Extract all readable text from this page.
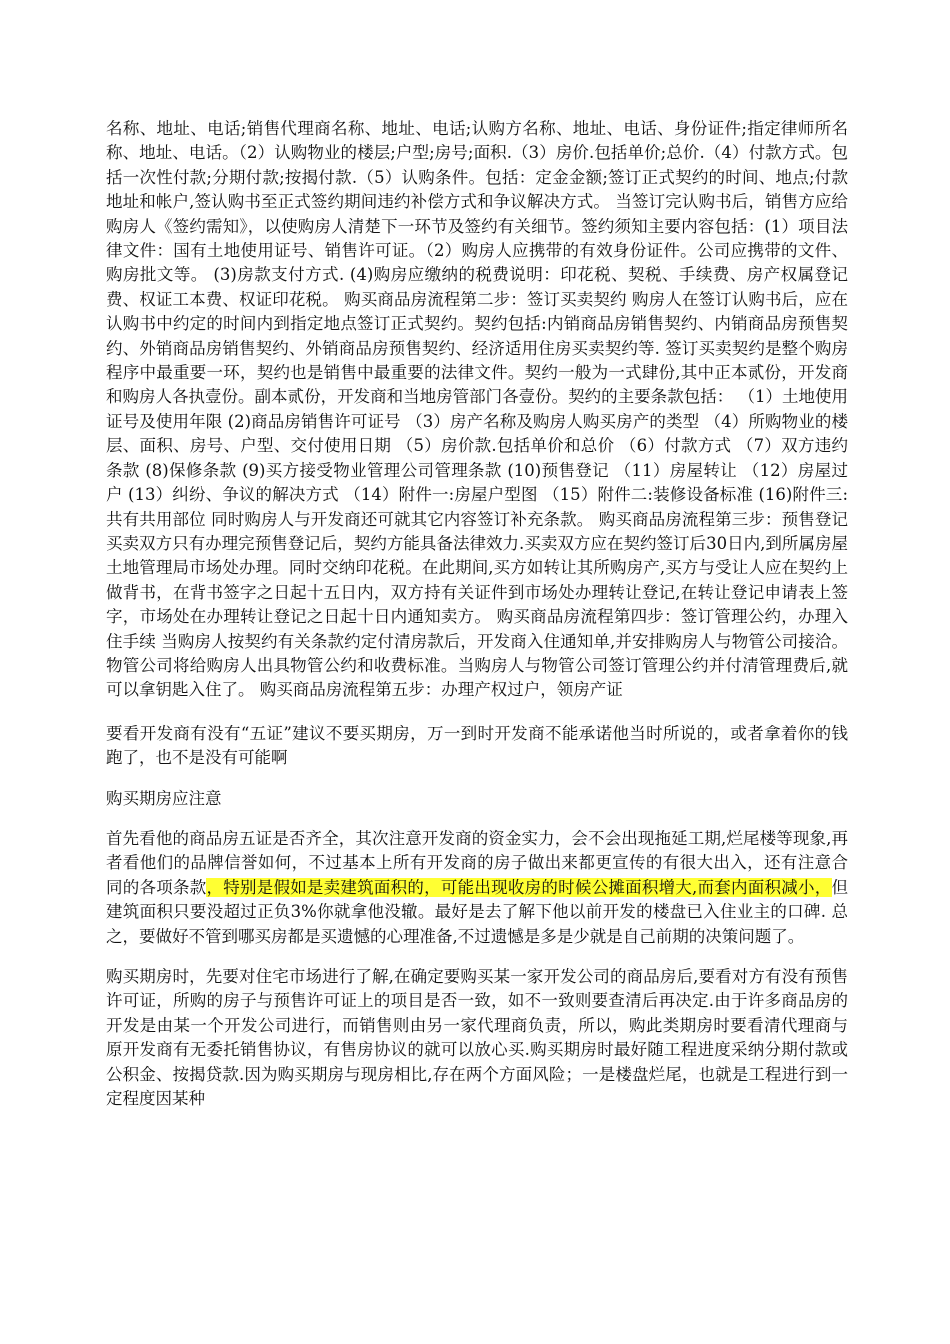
名称、地址、电话;销售代理商名称、地址、电话;认购方名称、地址、电话、身份证件;指定律师所名称、地址、电话。（2）认购物业的楼层;户型;房号;面积.（3）房价.包括单价;总价.（4）付款方式。包括一次性付款;分期付款;按揭付款.（5）认购条件。包括：定金金额;签订正式契约的时间、地点;付款地址和帐户,签认购书至正式签约期间违约补偿方式和争议解决方式。 当签订完认购书后，销售方应给购房人《签约需知》，以使购房人清楚下一环节及签约有关细节。签约须知主要内容包括：(1）项目法律文件：国有土地使用证号、销售许可证。（2）购房人应携带的有效身份证件。公司应携带的文件、购房批文等。 (3)房款支付方式. (4)购房应缴纳的税费说明：印花税、契税、手续费、房产权属登记费、权证工本费、权证印花税。 购买商品房流程第二步：签订买卖契约 购房人在签订认购书后，应在认购书中约定的时间内到指定地点签订正式契约。契约包括:内销商品房销售契约、内销商品房预售契约、外销商品房销售契约、外销商品房预售契约、经济适用住房买卖契约等. 签订买卖契约是整个购房程序中最重要一环，契约也是销售中最重要的法律文件。契约一般为一式肆份,其中正本贰份，开发商和购房人各执壹份。副本贰份，开发商和当地房管部门各壹份。契约的主要条款包括： （1）土地使用证号及使用年限 (2)商品房销售许可证号 （3）房产名称及购房人购买房产的类型 （4）所购物业的楼层、面积、房号、户型、交付使用日期 （5）房价款.包括单价和总价 （6）付款方式 （7）双方违约条款 (8)保修条款 (9)买方接受物业管理公司管理条款 (10)预售登记 （11）房屋转让 （12）房屋过户 (13）纠纷、争议的解决方式 （14）附件一:房屋户型图 （15）附件二:装修设备标准 (16)附件三:共有共用部位 同时购房人与开发商还可就其它内容签订补充条款。 购买商品房流程第三步：预售登记 买卖双方只有办理完预售登记后，契约方能具备法律效力.买卖双方应在契约签订后30日内,到所属房屋土地管理局市场处办理。同时交纳印花税。在此期间,买方如转让其所购房产,买方与受让人应在契约上做背书，在背书签字之日起十五日内，双方持有关证件到市场处办理转让登记,在转让登记申请表上签字，市场处在办理转让登记之日起十日内通知卖方。 购买商品房流程第四步：签订管理公约，办理入住手续 当购房人按契约有关条款约定付清房款后，开发商入住通知单,并安排购房人与物管公司接洽。物管公司将给购房人出具物管公约和收费标准。当购房人与物管公司签订管理公约并付清管理费后,就可以拿钥匙入住了。 购买商品房流程第五步：办理产权过户，领房产证

要看开发商有没有“五证”建议不要买期房，万一到时开发商不能承诺他当时所说的，或者拿着你的钱跑了，也不是没有可能啊

购买期房应注意

首先看他的商品房五证是否齐全，其次注意开发商的资金实力，会不会出现拖延工期,烂尾楼等现象,再者看他们的品牌信誉如何，不过基本上所有开发商的房子做出来都更宣传的有很大出入，还有注意合同的各项条款，特别是假如是卖建筑面积的，可能出现收房的时候公摊面积增大,而套内面积减小，但建筑面积只要没超过正负3%你就拿他没辙。最好是去了解下他以前开发的楼盘已入住业主的口碑. 总之，要做好不管到哪买房都是买遗憾的心理准备,不过遗憾是多是少就是自己前期的决策问题了。

购买期房时，先要对住宅市场进行了解,在确定要购买某一家开发公司的商品房后,要看对方有没有预售许可证，所购的房子与预售许可证上的项目是否一致，如不一致则要查清后再决定.由于许多商品房的开发是由某一个开发公司进行，而销售则由另一家代理商负责，所以，购此类期房时要看清代理商与原开发商有无委托销售协议，有售房协议的就可以放心买.购买期房时最好随工程进度采纳分期付款或公积金、按揭贷款.因为购买期房与现房相比,存在两个方面风险；一是楼盘烂尾，也就是工程进行到一定程度因某种
